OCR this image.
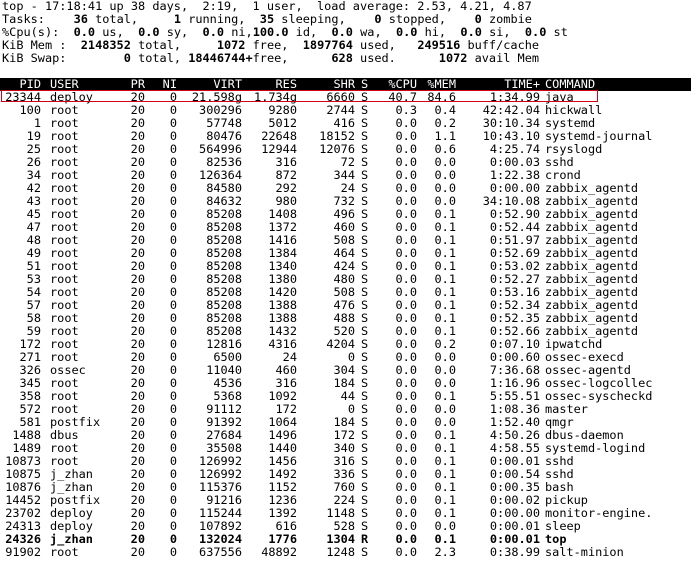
top - 17:18:41 up 38 days,  2:19,  1 user,  load average: 2.53, 4.21, 4.87
Tasks: 36 total,	1 running, 35 sleeping, 0 stopped, 0 zombie
%Cpu(s): 0.0 us, 0.0 sy, 0.0 ni,100.0 id, 0.0 wa, 0.0 hi, 0.0 si, 0.0 st
KiB Mem : 2148352 total,	1072 free, 1897764 used, 249516 buff/cache
KiB Swap:	0 total, 18446744+free,	628 used.	1072 avail Mem
PID USER	PR	NI	VIRT	RES	SHR S	%CPU %MEM	TIME+ COMMAND
23344 deploy	20	0	21.598g	1.734g	6660 S	40.7 84.6	1:34.99 java
100 root	20	0	300296	9280	2744 S	0.3	0.4	42:42.04 hickwall
1 root	20	0	57748	5012	416 S	0.0	0.2	30:10.34 systemd
19 root	20	0	80476	22648	18152 S	0.0	1.1	10:43.10 systemd-journal
25 root	20	0	564996	12944	12076 S	0.0	0.6	4:25.74 rsyslogd
26 root	20	0	82536	316	72 S	0.0	0.0	0:00.03 sshd
34 root	20	0	126364	872	344 S	0.0	0.0	1:22.38 crond
42 root	20	0	84580	292	24 S	0.0	0.0	0:00.00 zabbix_agentd
43 root	20	0	84632	980	732 S	0.0	0.0	34:10.08 zabbix_agentd
45 root	20	0	85208	1408	496 S	0.0	0.1	0:52.90 zabbix_agentd
47 root	20	0	85208	1372	460 S	0.0	0.1	0:52.44 zabbix_agentd
48 root	20	0	85208	1416	508 S	0.0	0.1	0:51.97 zabbix_agentd
49 root	20	0	85208	1384	464 S	0.0	0.1	0:52.69 zabbix_agentd
51 root	20	0	85208	1340	424 S	0.0	0.1	0:53.02 zabbix_agentd
53 root	20	0	85208	1380	480 S	0.0	0.1	0:52.27 zabbix_agentd
54 root	20	0	85208	1420	508 S	0.0	0.1	0:53.16 zabbix_agentd
57 root	20	0	85208	1388	476 S	0.0	0.1	0:52.34 zabbix_agentd
58 root	20	0	85208	1388	488 S	0.0	0.1	0:52.35 zabbix_agentd
59 root	20	0	85208	1432	520 S	0.0	0.1	0:52.66 zabbix_agentd
172 root	20	0	12816	4316	4204 S	0.0	0.2	0:07.10 ipwatchd
271 root	20	0	6500	24	0 S	0.0	0.0	0:00.60 ossec-execd
326 ossec	20	0	11040	460	304 S	0.0	0.0	7:36.68 ossec-agentd
345 root	20	0	4536	316	184 S	0.0	0.0	1:16.96 ossec-logcollec
358 root	20	0	5368	1092	44 S	0.0	0.1	5:55.51 ossec-syscheckd
572 root	20	0	91112	172	0 S	0.0	0.0	1:08.36 master
581 postfix	20	0	91392	1064	184 S	0.0	0.0	1:52.40 qmgr
1488 dbus	20	0	27684	1496	172 S	0.0	0.1	4:50.26 dbus-daemon
1489 root	20	0	35508	1440	340 S	0.0	0.1	4:58.55 systemd-logind
10873 root	20	0	126992	1456	316 S	0.0	0.1	0:00.01 sshd
10875 j_zhan	20	0	126992	1492	336 S	0.0	0.1	0:00.54 sshd
10876 j_zhan	20	0	115376	1152	760 S	0.0	0.1	0:00.35 bash
14452 postfix	20	0	91216	1236	224 S	0.0	0.1	0:00.02 pickup
23702 deploy	20	0	115244	1392	1148 S	0.0	0.1	0:00.00 monitor-engine.
24313 deploy	20	0	107892	616	528 S	0.0	0.0	0:00.01 sleep
24326 j_zhan	20	0	132024	1776	1304 R	0.0	0.1	0:00.01 top
91902 root	20	0	637556	48892	1248 S	0.0	2.3	0:38.99 salt-minion
